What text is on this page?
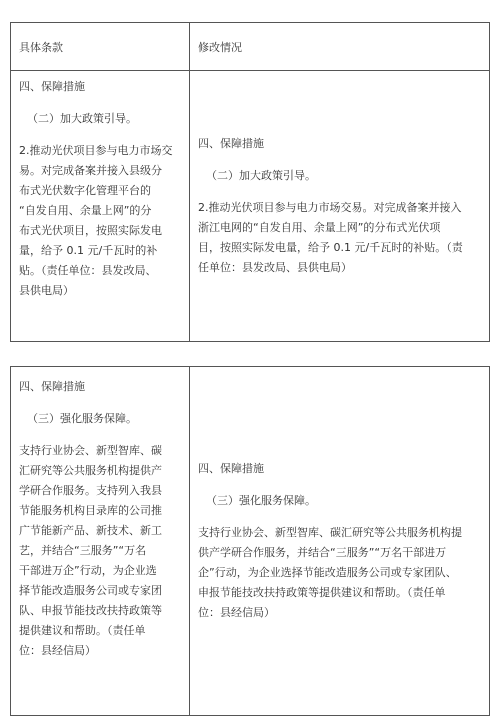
具体条款	修改情况

四、保障措施

（二）加大政策引导。

2.推动光伏项目参与电力市场交

易。对完成备案并接入县级分

布式光伏数字化管理平台的

“自发自用、余量上网”的分

布式光伏项目，按照实际发电

量，给予 0.1 元/千瓦时的补

贴。（责任单位：县发改局、

县供电局）

四、保障措施

（二）加大政策引导。

2.推动光伏项目参与电力市场交易。对完成备案并接入

浙江电网的“自发自用、余量上网”的分布式光伏项

目，按照实际发电量，给予 0.1 元/千瓦时的补贴。（责

任单位：县发改局、县供电局）

四、保障措施

（三）强化服务保障。

支持行业协会、新型智库、碳

汇研究等公共服务机构提供产

学研合作服务。支持列入我县

节能服务机构目录库的公司推

广节能新产品、新技术、新工

艺，并结合“三服务”“万名

干部进万企”行动，为企业选

择节能改造服务公司或专家团

队、申报节能技改扶持政策等

提供建议和帮助。（责任单

位：县经信局）

四、保障措施

（三）强化服务保障。

支持行业协会、新型智库、碳汇研究等公共服务机构提

供产学研合作服务，并结合“三服务”“万名干部进万

企”行动，为企业选择节能改造服务公司或专家团队、

申报节能技改扶持政策等提供建议和帮助。（责任单

位：县经信局）
